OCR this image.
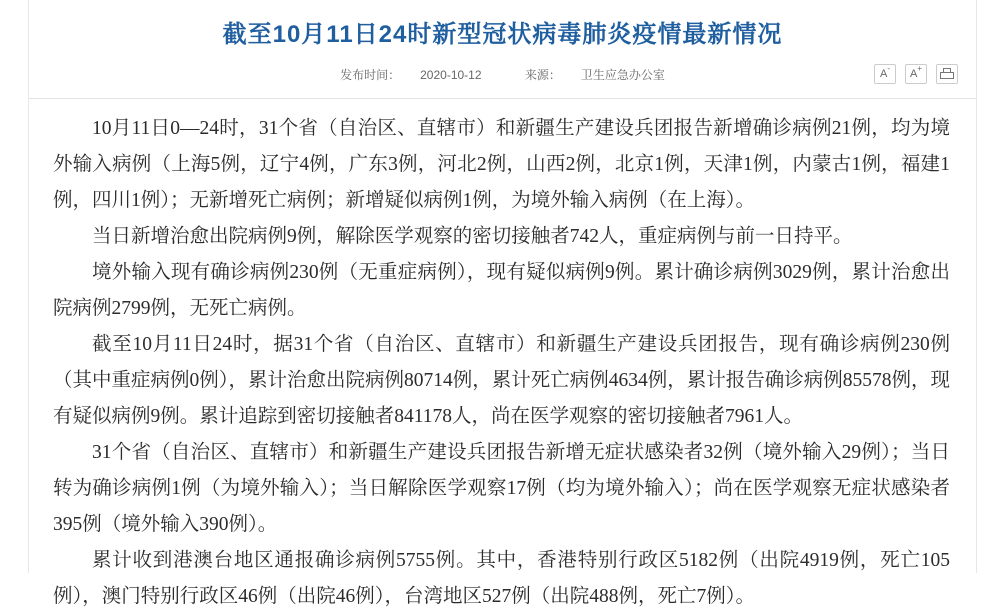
截至10月11日24时新型冠状病毒肺炎疫情最新情况
发布时间： 2020-10-12	来源： 卫生应急办公室	A- A+

10月11日0—24时，31个省（自治区、直辖市）和新疆生产建设兵团报告新增确诊病例21例，均为境外输入病例（上海5例，辽宁4例，广东3例，河北2例，山西2例，北京1例，天津1例，内蒙古1例，福建1例，四川1例）；无新增死亡病例；新增疑似病例1例，为境外输入病例（在上海）。

当日新增治愈出院病例9例，解除医学观察的密切接触者742人，重症病例与前一日持平。

境外输入现有确诊病例230例（无重症病例），现有疑似病例9例。累计确诊病例3029例，累计治愈出院病例2799例，无死亡病例。

截至10月11日24时，据31个省（自治区、直辖市）和新疆生产建设兵团报告，现有确诊病例230例（其中重症病例0例），累计治愈出院病例80714例，累计死亡病例4634例，累计报告确诊病例85578例，现有疑似病例9例。累计追踪到密切接触者841178人，尚在医学观察的密切接触者7961人。

31个省（自治区、直辖市）和新疆生产建设兵团报告新增无症状感染者32例（境外输入29例）；当日转为确诊病例1例（为境外输入）；当日解除医学观察17例（均为境外输入）；尚在医学观察无症状感染者395例（境外输入390例）。

累计收到港澳台地区通报确诊病例5755例。其中，香港特别行政区5182例（出院4919例，死亡105例），澳门特别行政区46例（出院46例），台湾地区527例（出院488例，死亡7例）。
